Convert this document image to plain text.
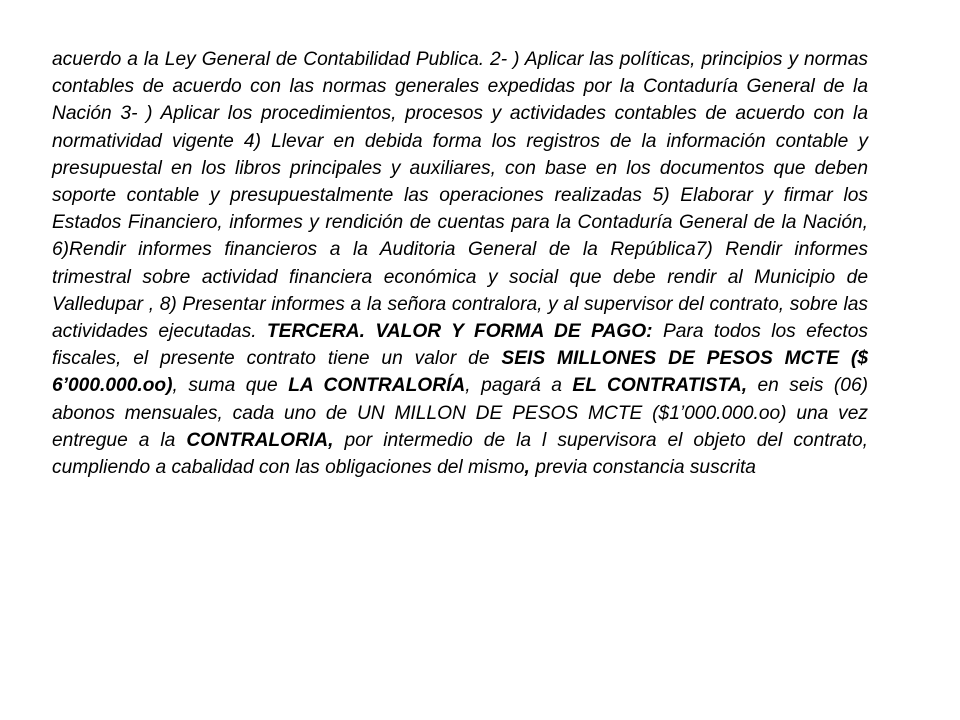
acuerdo a la Ley General de Contabilidad Publica. 2- ) Aplicar las políticas, principios y normas contables de acuerdo con las normas generales expedidas por la Contaduría General de la Nación 3- ) Aplicar los procedimientos, procesos y actividades contables de acuerdo con la normatividad vigente 4) Llevar en debida forma los registros de la información contable y presupuestal en los libros principales y auxiliares, con base en los documentos que deben soporte contable y presupuestalmente las operaciones realizadas 5) Elaborar y firmar los Estados Financiero, informes y rendición de cuentas para la Contaduría General de la Nación, 6)Rendir informes financieros a la Auditoria General de la República7) Rendir informes trimestral sobre actividad financiera económica y social que debe rendir al Municipio de Valledupar , 8) Presentar informes a la señora contralora, y al supervisor del contrato, sobre las actividades ejecutadas. TERCERA. VALOR Y FORMA DE PAGO: Para todos los efectos fiscales, el presente contrato tiene un valor de SEIS MILLONES DE PESOS MCTE ($ 6’000.000.oo), suma que LA CONTRALORÍA, pagará a EL CONTRATISTA, en seis (06) abonos mensuales, cada uno de UN MILLON DE PESOS MCTE ($1’000.000.oo) una vez entregue a la CONTRALORIA, por intermedio de la l supervisora el objeto del contrato, cumpliendo a cabalidad con las obligaciones del mismo, previa constancia suscrita
